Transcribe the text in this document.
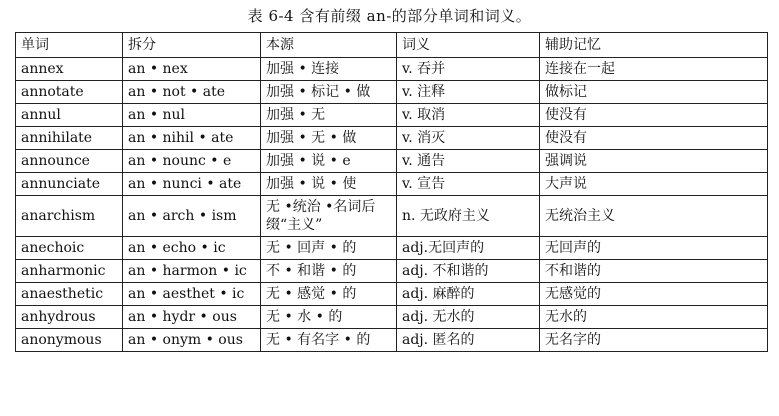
表 6-4 含有前缀 an-的部分单词和词义。
单词	拆分	本源	词义	辅助记忆
annex	an • nex	加强 • 连接	v. 吞并	连接在一起
annotate	an • not • ate	加强 • 标记 • 做	v. 注释	做标记
annul	an • nul	加强 • 无	v. 取消	使没有
annihilate	an • nihil • ate	加强 • 无 • 做	v. 消灭	使没有
announce	an • nounc • e	加强 • 说 • e	v. 通告	强调说
annunciate	an • nunci • ate	加强 • 说 • 使	v. 宣告	大声说
anarchism	an • arch • ism	无 •统治 •名词后缀“主义”	n. 无政府主义	无统治主义
anechoic	an • echo • ic	无 • 回声 • 的	adj.无回声的	无回声的
anharmonic	an • harmon • ic	不 • 和谐 • 的	adj. 不和谐的	不和谐的
anaesthetic	an • aesthet • ic	无 • 感觉 • 的	adj. 麻醉的	无感觉的
anhydrous	an • hydr • ous	无 • 水 • 的	adj. 无水的	无水的
anonymous	an • onym • ous	无 • 有名字 • 的	adj. 匿名的	无名字的
